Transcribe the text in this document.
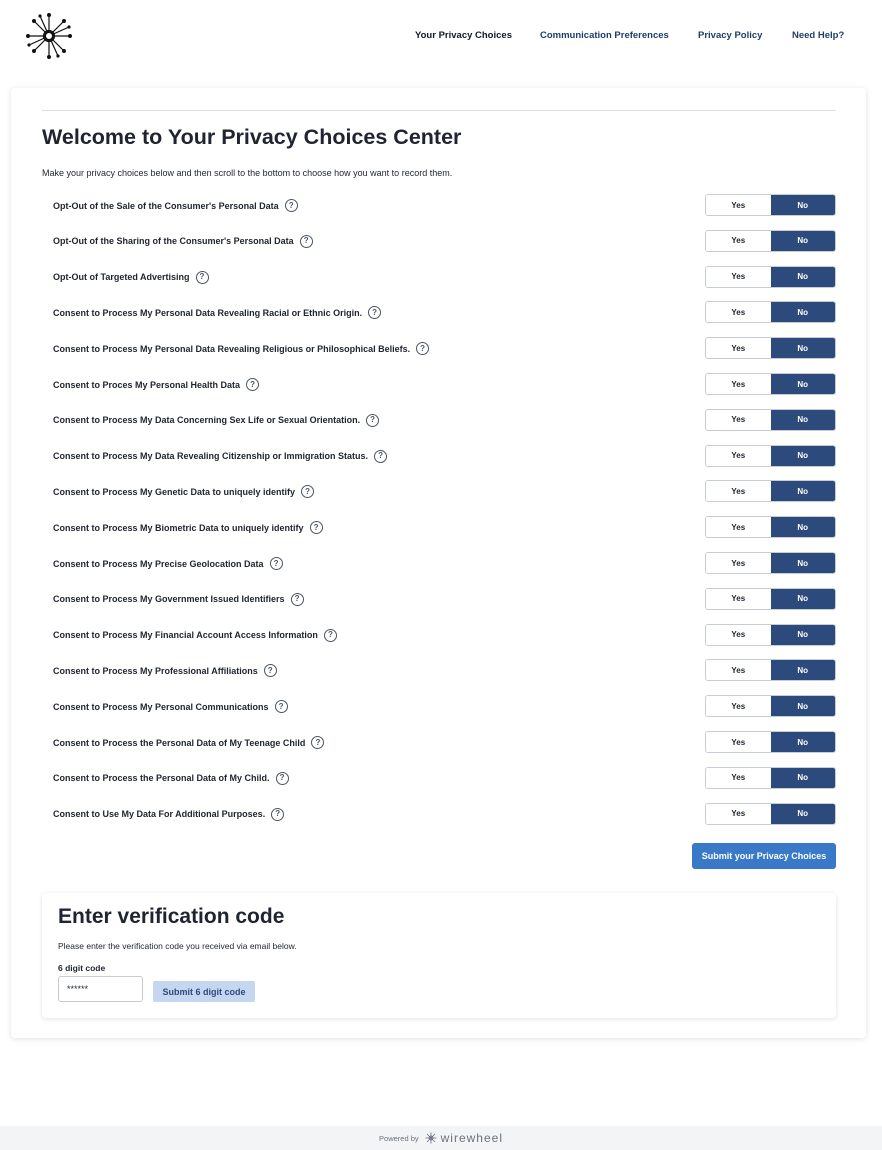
Your Privacy Choices	Communication Preferences	Privacy Policy	Need Help?
Welcome to Your Privacy Choices Center

Make your privacy choices below and then scroll to the bottom to choose how you want to record them.

Opt-Out of the Sale of the Consumer's Personal Data	?	Yes	No
Opt-Out of the Sharing of the Consumer's Personal Data	?	Yes	No
Opt-Out of Targeted Advertising	?	Yes	No
Consent to Process My Personal Data Revealing Racial or Ethnic Origin.	?	Yes	No
Consent to Process My Personal Data Revealing Religious or Philosophical Beliefs.	?	Yes	No
Consent to Proces My Personal Health Data	?	Yes	No
Consent to Process My Data Concerning Sex Life or Sexual Orientation.	?	Yes	No
Consent to Process My Data Revealing Citizenship or Immigration Status.	?	Yes	No
Consent to Process My Genetic Data to uniquely identify	?	Yes	No
Consent to Process My Biometric Data to uniquely identify	?	Yes	No
Consent to Process My Precise Geolocation Data	?	Yes	No
Consent to Process My Government Issued Identifiers	?	Yes	No
Consent to Process My Financial Account Access Information	?	Yes	No
Consent to Process My Professional Affiliations	?	Yes	No
Consent to Process My Personal Communications	?	Yes	No
Consent to Process the Personal Data of My Teenage Child	?	Yes	No
Consent to Process the Personal Data of My Child.	?	Yes	No
Consent to Use My Data For Additional Purposes.	?	Yes	No
Submit your Privacy Choices
Enter verification code

Please enter the verification code you received via email below.

6 digit code
******
Submit 6 digit code
Powered by wirewheel
